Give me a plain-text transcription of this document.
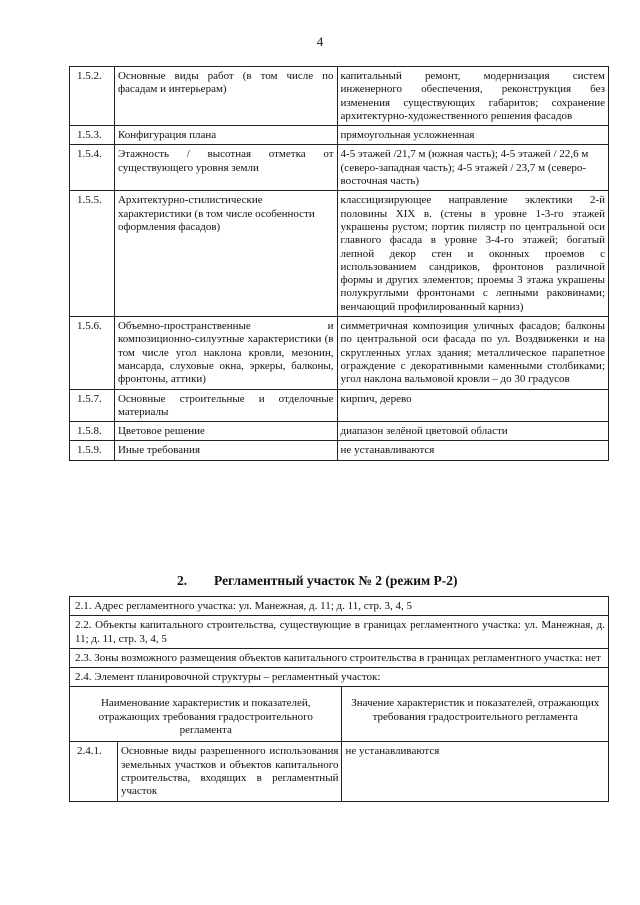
4
1.5.2.	Основные виды работ (в том числе по фасадам и интерьерам)	капитальный ремонт, модернизация систем инженерного обеспечения, реконструкция без изменения существующих габаритов; сохранение архитектурно-художественного решения фасадов
1.5.3.	Конфигурация плана	прямоугольная усложненная
1.5.4.	Этажность / высотная отметка от существующего уровня земли	4-5 этажей /21,7 м (южная часть); 4-5 этажей / 22,6 м (северо-западная часть); 4-5 этажей / 23,7 м (северо-восточная часть)
1.5.5.	Архитектурно-стилистические характеристики (в том числе особенности оформления фасадов)	классицизирующее направление эклектики 2-й половины XIX в. (стены в уровне 1-3-го этажей украшены рустом; портик пилястр по центральной оси главного фасада в уровне 3-4-го этажей; богатый лепной декор стен и оконных проемов с использованием сандриков, фронтонов различной формы и других элементов; проемы 3 этажа украшены полукруглыми фронтонами с лепными раковинами; венчающий профилированный карниз)
1.5.6.	Объемно-пространственные и композиционно-силуэтные характеристики (в том числе угол наклона кровли, мезонин, мансарда, слуховые окна, эркеры, балконы, фронтоны, аттики)	симметричная композиция уличных фасадов; балконы по центральной оси фасада по ул. Воздвиженки и на скругленных углах здания; металлическое парапетное ограждение с декоративными каменными столбиками; угол наклона вальмовой кровли – до 30 градусов
1.5.7.	Основные строительные и отделочные материалы	кирпич, дерево
1.5.8.	Цветовое решение	диапазон зелёной цветовой области
1.5.9.	Иные требования	не устанавливаются
2. Регламентный участок № 2 (режим Р-2)
2.1. Адрес регламентного участка: ул. Манежная, д. 11; д. 11, стр. 3, 4, 5		
2.2. Объекты капитального строительства, существующие в границах регламентного участка: ул. Манежная, д. 11; д. 11, стр. 3, 4, 5		
2.3. Зоны возможного размещения объектов капитального строительства в границах регламентного участка: нет		
2.4. Элемент планировочной структуры – регламентный участок:		
Наименование характеристик и показателей, отражающих требования градостроительного регламента		Значение характеристик и показателей, отражающих требования градостроительного регламента
2.4.1.	Основные виды разрешенного использования земельных участков и объектов капитального строительства, входящих в регламентный участок	не устанавливаются
